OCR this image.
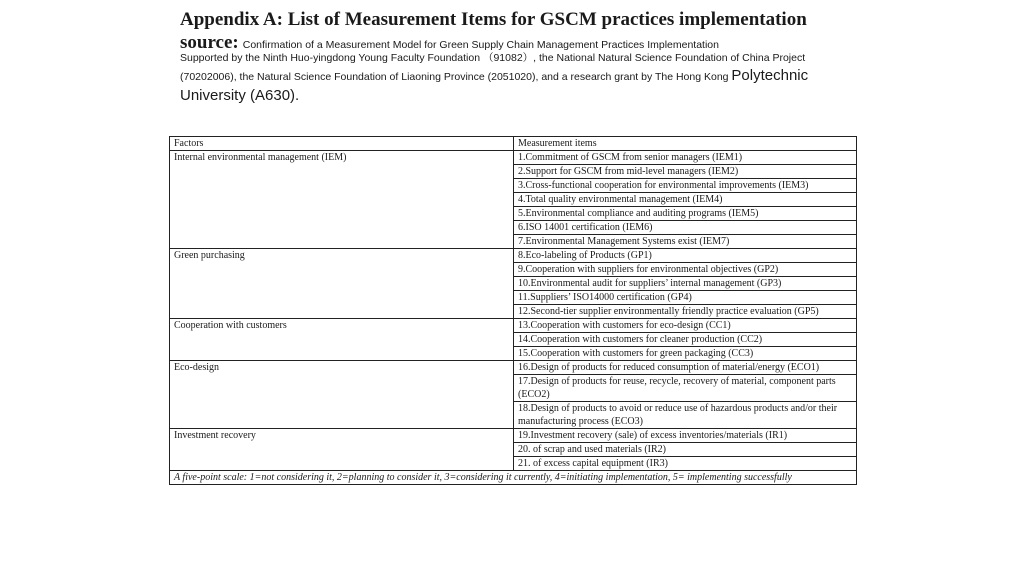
Appendix A: List of Measurement Items for GSCM practices implementation
source: Confirmation of a Measurement Model for Green Supply Chain Management Practices Implementation
Supported by the Ninth Huo-yingdong Young Faculty Foundation （91082）, the National Natural Science Foundation of China Project (70202006), the Natural Science Foundation of Liaoning Province (2051020), and a research grant by The Hong Kong Polytechnic
University (A630).
Factors	Measurement items
Internal environmental management (IEM)	1.Commitment of GSCM from senior managers (IEM1)
	2.Support for GSCM from mid-level managers (IEM2)
	3.Cross-functional cooperation for environmental improvements (IEM3)
	4.Total quality environmental management (IEM4)
	5.Environmental compliance and auditing programs (IEM5)
	6.ISO 14001 certification (IEM6)
	7.Environmental Management Systems exist (IEM7)
Green purchasing	8.Eco-labeling of Products (GP1)
	9.Cooperation with suppliers for environmental objectives (GP2)
	10.Environmental audit for suppliers’ internal management (GP3)
	11.Suppliers’ ISO14000 certification (GP4)
	12.Second-tier supplier environmentally friendly practice evaluation (GP5)
Cooperation with customers	13.Cooperation with customers for eco-design (CC1)
	14.Cooperation with customers for cleaner production (CC2)
	15.Cooperation with customers for green packaging (CC3)
Eco-design	16.Design of products for reduced consumption of material/energy (ECO1)
	17.Design of products for reuse, recycle, recovery of material, component parts (ECO2)
	18.Design of products to avoid or reduce use of hazardous products and/or their manufacturing process (ECO3)
Investment recovery	19.Investment recovery (sale) of excess inventories/materials (IR1)
	20. of scrap and used materials (IR2)
	21. of excess capital equipment (IR3)
A five-point scale: 1=not considering it, 2=planning to consider it, 3=considering it currently, 4=initiating implementation, 5= implementing successfully	
